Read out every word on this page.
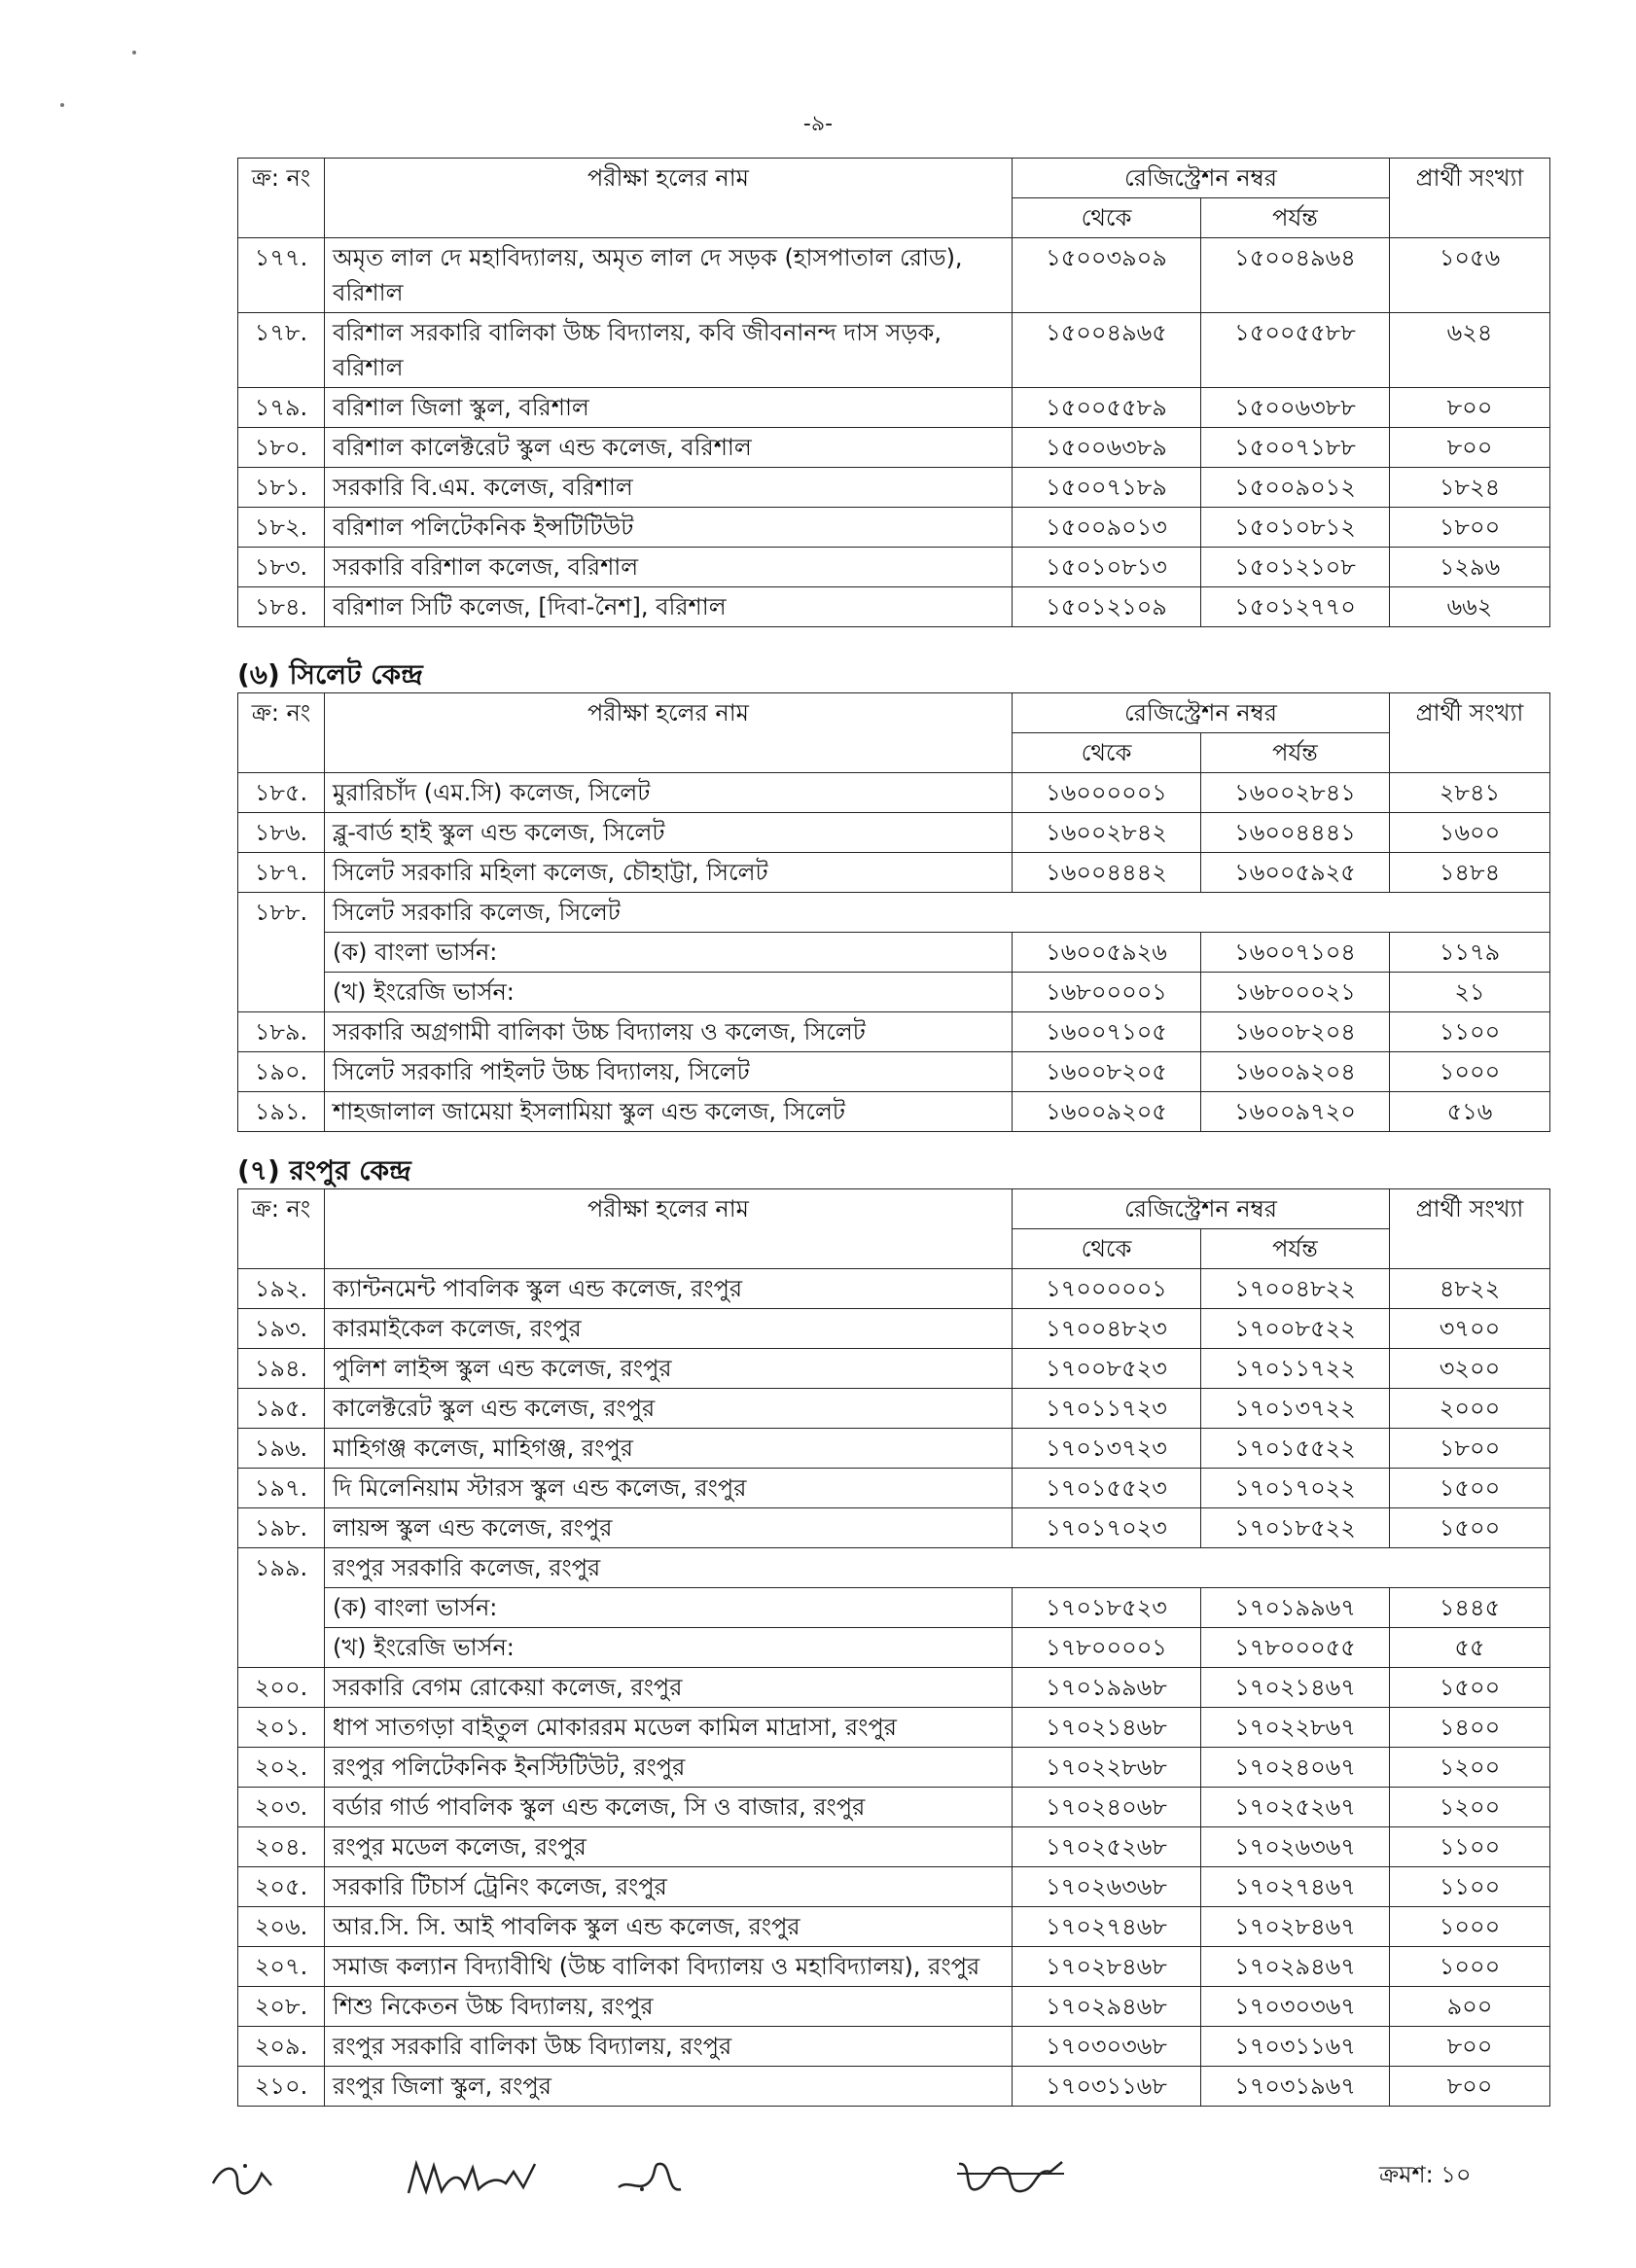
-৯-
ক্র: নং	পরীক্ষা হলের নাম	রেজিস্ট্রেশন নম্বর		প্রার্থী সংখ্যা
		থেকে	পর্যন্ত	
১৭৭.	অমৃত লাল দে মহাবিদ্যালয়, অমৃত লাল দে সড়ক (হাসপাতাল রোড), বরিশাল	১৫০০৩৯০৯	১৫০০৪৯৬৪	১০৫৬
১৭৮.	বরিশাল সরকারি বালিকা উচ্চ বিদ্যালয়, কবি জীবনানন্দ দাস সড়ক, বরিশাল	১৫০০৪৯৬৫	১৫০০৫৫৮৮	৬২৪
১৭৯.	বরিশাল জিলা স্কুল, বরিশাল	১৫০০৫৫৮৯	১৫০০৬৩৮৮	৮০০
১৮০.	বরিশাল কালেক্টরেট স্কুল এন্ড কলেজ, বরিশাল	১৫০০৬৩৮৯	১৫০০৭১৮৮	৮০০
১৮১.	সরকারি বি.এম. কলেজ, বরিশাল	১৫০০৭১৮৯	১৫০০৯০১২	১৮২৪
১৮২.	বরিশাল পলিটেকনিক ইন্সটিটিউট	১৫০০৯০১৩	১৫০১০৮১২	১৮০০
১৮৩.	সরকারি বরিশাল কলেজ, বরিশাল	১৫০১০৮১৩	১৫০১২১০৮	১২৯৬
১৮৪.	বরিশাল সিটি কলেজ, [দিবা-নৈশ], বরিশাল	১৫০১২১০৯	১৫০১২৭৭০	৬৬২
(৬) সিলেট কেন্দ্র
ক্র: নং	পরীক্ষা হলের নাম	রেজিস্ট্রেশন নম্বর		প্রার্থী সংখ্যা
		থেকে	পর্যন্ত	
১৮৫.	মুরারিচাঁদ (এম.সি) কলেজ, সিলেট	১৬০০০০০১	১৬০০২৮৪১	২৮৪১
১৮৬.	ব্লু-বার্ড হাই স্কুল এন্ড কলেজ, সিলেট	১৬০০২৮৪২	১৬০০৪৪৪১	১৬০০
১৮৭.	সিলেট সরকারি মহিলা কলেজ, চৌহাট্টা, সিলেট	১৬০০৪৪৪২	১৬০০৫৯২৫	১৪৮৪
১৮৮.	সিলেট সরকারি কলেজ, সিলেট			
	(ক) বাংলা ভার্সন:	১৬০০৫৯২৬	১৬০০৭১০৪	১১৭৯
	(খ) ইংরেজি ভার্সন:	১৬৮০০০০১	১৬৮০০০২১	২১
১৮৯.	সরকারি অগ্রগামী বালিকা উচ্চ বিদ্যালয় ও কলেজ, সিলেট	১৬০০৭১০৫	১৬০০৮২০৪	১১০০
১৯০.	সিলেট সরকারি পাইলট উচ্চ বিদ্যালয়, সিলেট	১৬০০৮২০৫	১৬০০৯২০৪	১০০০
১৯১.	শাহজালাল জামেয়া ইসলামিয়া স্কুল এন্ড কলেজ, সিলেট	১৬০০৯২০৫	১৬০০৯৭২০	৫১৬
(৭) রংপুর কেন্দ্র
ক্র: নং	পরীক্ষা হলের নাম	রেজিস্ট্রেশন নম্বর		প্রার্থী সংখ্যা
		থেকে	পর্যন্ত	
১৯২.	ক্যান্টনমেন্ট পাবলিক স্কুল এন্ড কলেজ, রংপুর	১৭০০০০০১	১৭০০৪৮২২	৪৮২২
১৯৩.	কারমাইকেল কলেজ, রংপুর	১৭০০৪৮২৩	১৭০০৮৫২২	৩৭০০
১৯৪.	পুলিশ লাইন্স স্কুল এন্ড কলেজ, রংপুর	১৭০০৮৫২৩	১৭০১১৭২২	৩২০০
১৯৫.	কালেক্টরেট স্কুল এন্ড কলেজ, রংপুর	১৭০১১৭২৩	১৭০১৩৭২২	২০০০
১৯৬.	মাহিগঞ্জ কলেজ, মাহিগঞ্জ, রংপুর	১৭০১৩৭২৩	১৭০১৫৫২২	১৮০০
১৯৭.	দি মিলেনিয়াম স্টারস স্কুল এন্ড কলেজ, রংপুর	১৭০১৫৫২৩	১৭০১৭০২২	১৫০০
১৯৮.	লায়ন্স স্কুল এন্ড কলেজ, রংপুর	১৭০১৭০২৩	১৭০১৮৫২২	১৫০০
১৯৯.	রংপুর সরকারি কলেজ, রংপুর			
	(ক) বাংলা ভার্সন:	১৭০১৮৫২৩	১৭০১৯৯৬৭	১৪৪৫
	(খ) ইংরেজি ভার্সন:	১৭৮০০০০১	১৭৮০০০৫৫	৫৫
২০০.	সরকারি বেগম রোকেয়া কলেজ, রংপুর	১৭০১৯৯৬৮	১৭০২১৪৬৭	১৫০০
২০১.	ধাপ সাতগড়া বাইতুল মোকাররম মডেল কামিল মাদ্রাসা, রংপুর	১৭০২১৪৬৮	১৭০২২৮৬৭	১৪০০
২০২.	রংপুর পলিটেকনিক ইনস্টিটিউট, রংপুর	১৭০২২৮৬৮	১৭০২৪০৬৭	১২০০
২০৩.	বর্ডার গার্ড পাবলিক স্কুল এন্ড কলেজ, সি ও বাজার, রংপুর	১৭০২৪০৬৮	১৭০২৫২৬৭	১২০০
২০৪.	রংপুর মডেল কলেজ, রংপুর	১৭০২৫২৬৮	১৭০২৬৩৬৭	১১০০
২০৫.	সরকারি টিচার্স ট্রেনিং কলেজ, রংপুর	১৭০২৬৩৬৮	১৭০২৭৪৬৭	১১০০
২০৬.	আর.সি. সি. আই পাবলিক স্কুল এন্ড কলেজ, রংপুর	১৭০২৭৪৬৮	১৭০২৮৪৬৭	১০০০
২০৭.	সমাজ কল্যান বিদ্যাবীথি (উচ্চ বালিকা বিদ্যালয় ও মহাবিদ্যালয়), রংপুর	১৭০২৮৪৬৮	১৭০২৯৪৬৭	১০০০
২০৮.	শিশু নিকেতন উচ্চ বিদ্যালয়, রংপুর	১৭০২৯৪৬৮	১৭০৩০৩৬৭	৯০০
২০৯.	রংপুর সরকারি বালিকা উচ্চ বিদ্যালয়, রংপুর	১৭০৩০৩৬৮	১৭০৩১১৬৭	৮০০
২১০.	রংপুর জিলা স্কুল, রংপুর	১৭০৩১১৬৮	১৭০৩১৯৬৭	৮০০
ক্রমশ: ১০
